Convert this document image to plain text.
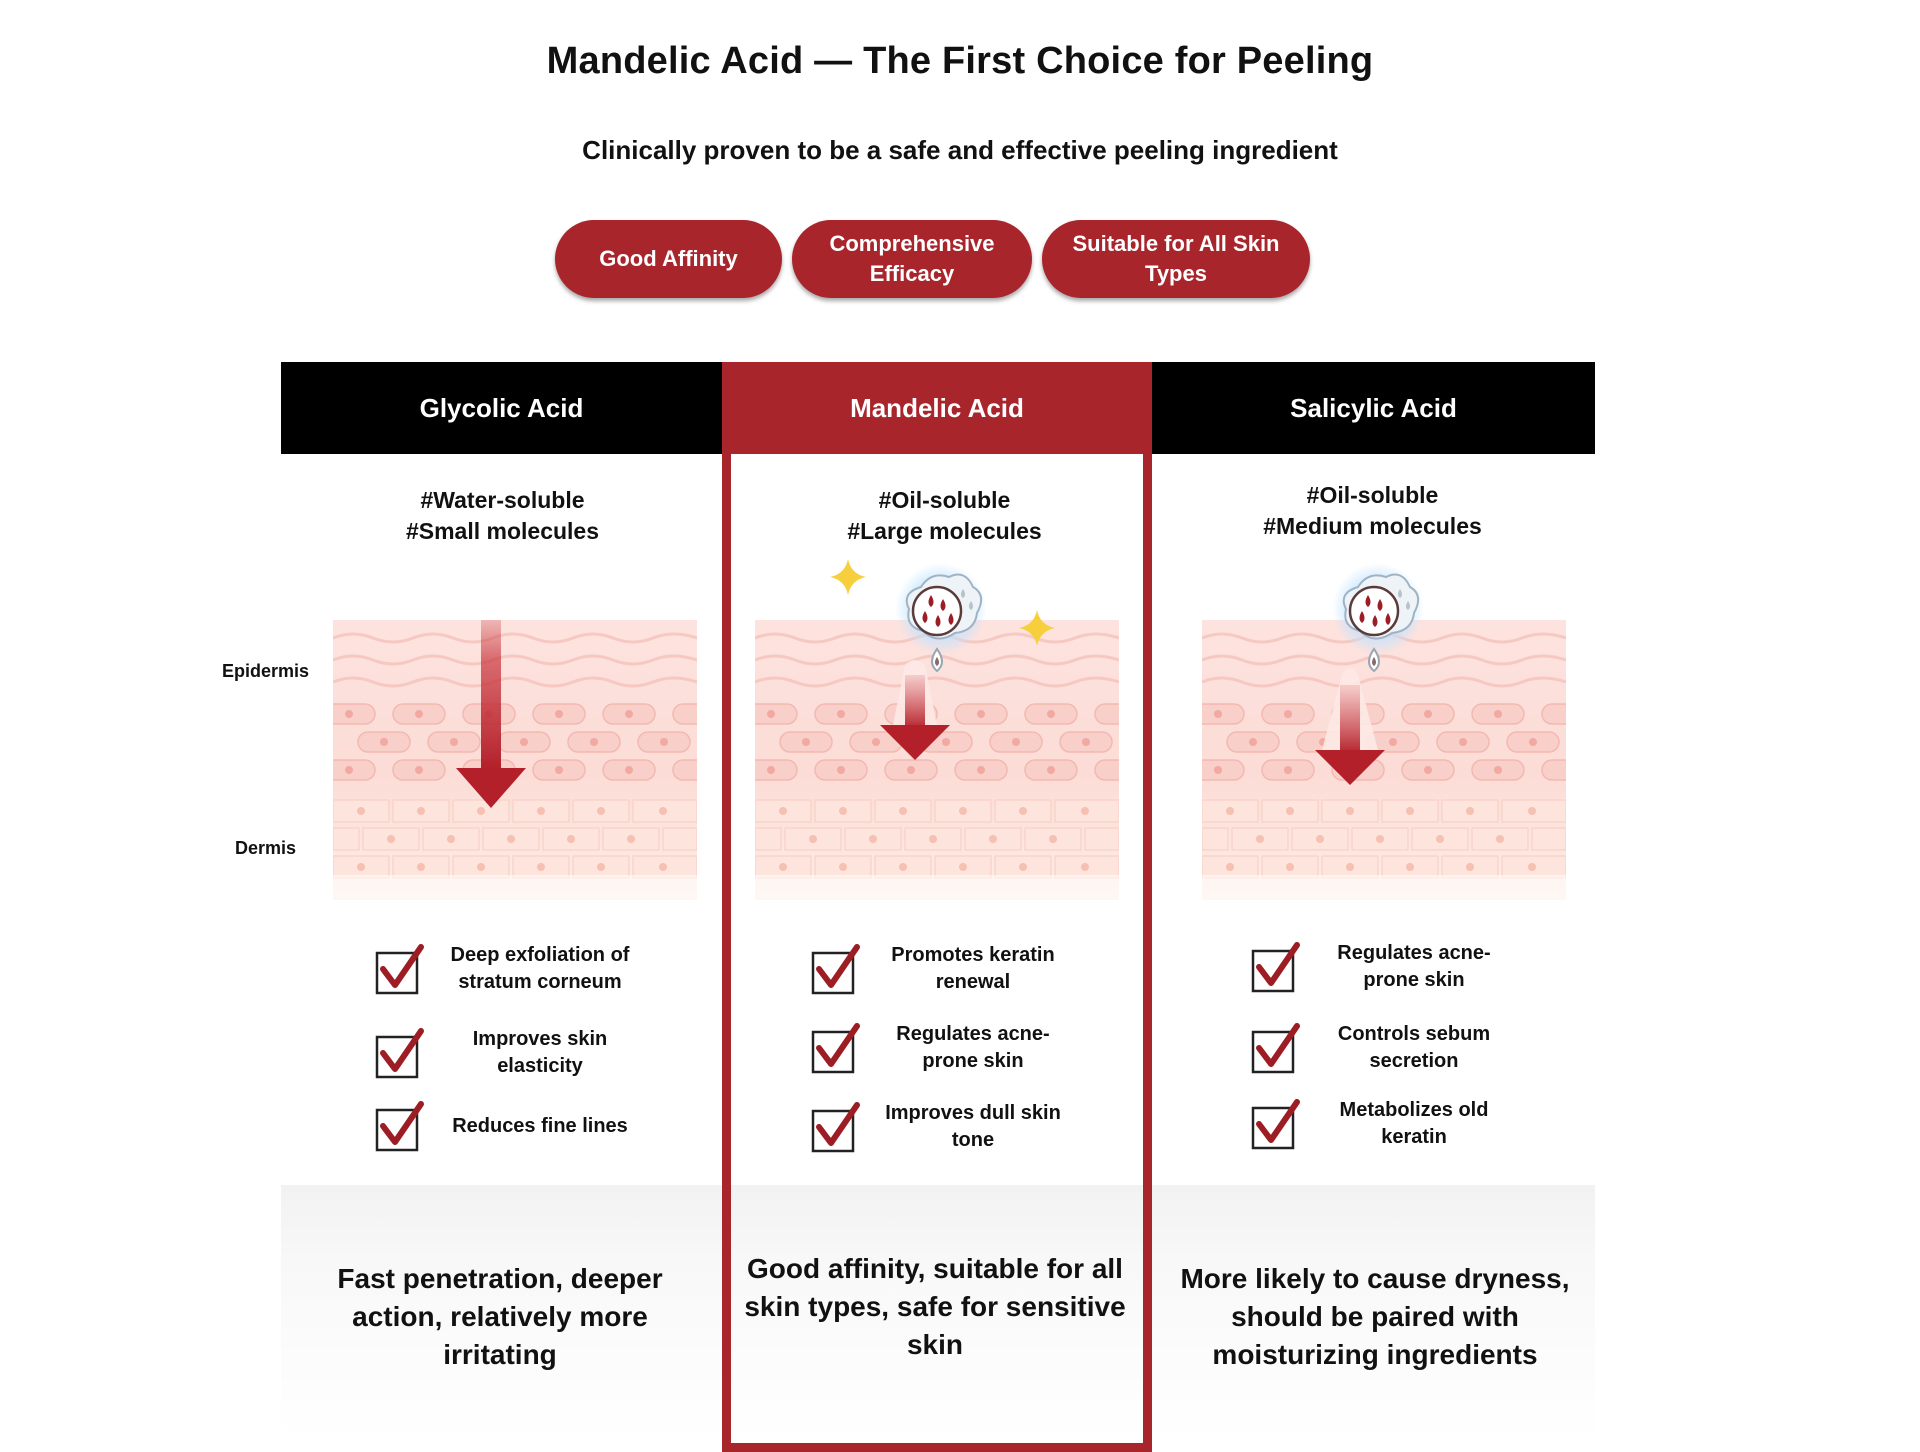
Mandelic Acid — The First Choice for Peeling
Clinically proven to be a safe and effective peeling ingredient
Good Affinity
Comprehensive Efficacy
Suitable for All Skin Types
Glycolic Acid	Mandelic Acid	Salicylic Acid
#Water-soluble
#Small molecules
#Oil-soluble
#Large molecules
#Oil-soluble
#Medium molecules
Epidermis
Dermis
Deep exfoliation of stratum corneum
Improves skin elasticity
Reduces fine lines
Promotes keratin renewal
Regulates acne-prone skin
Improves dull skin tone
Regulates acne-prone skin
Controls sebum secretion
Metabolizes old keratin
Fast penetration, deeper action, relatively more irritating
Good affinity, suitable for all skin types, safe for sensitive skin
More likely to cause dryness, should be paired with moisturizing ingredients
